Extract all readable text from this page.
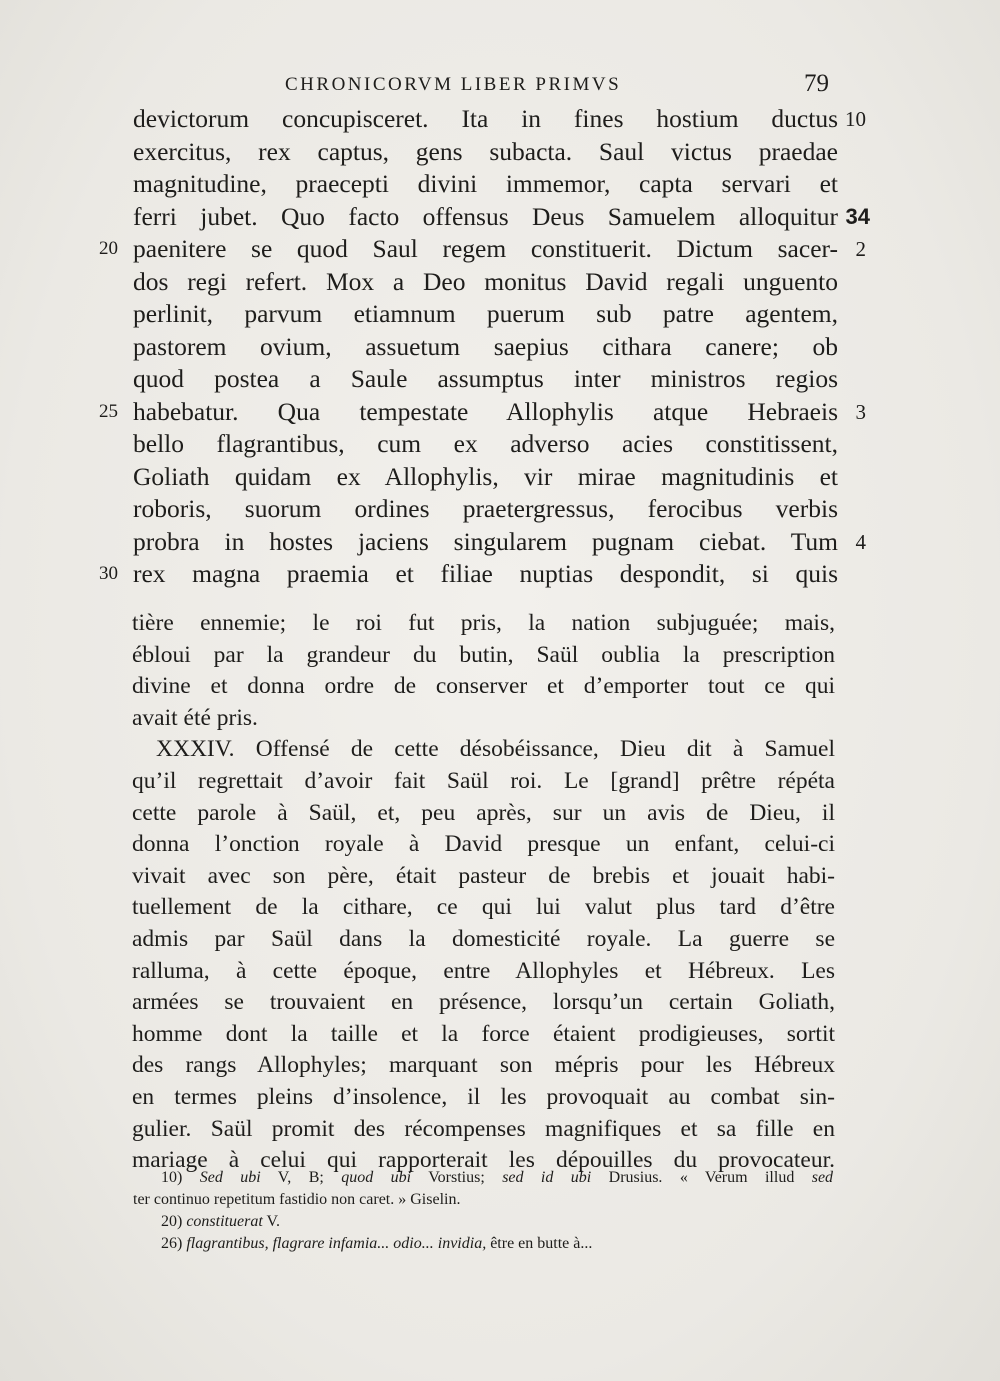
CHRONICORVM LIBER PRIMVS	79
devictorum concupisceret. Ita in fines hostium ductus 10
exercitus, rex captus, gens subacta. Saul victus praedae
magnitudine, praecepti divini immemor, capta servari et
ferri jubet. Quo facto offensus Deus Samuelem alloquitur 34
paenitere se quod Saul regem constituerit. Dictum sacer-
20	2
dos regi refert. Mox a Deo monitus David regali unguento
perlinit, parvum etiamnum puerum sub patre agentem,
pastorem ovium, assuetum saepius cithara canere; ob
quod postea a Saule assumptus inter ministros regios
habebatur. Qua tempestate Allophylis atque Hebraeis
25	3
bello flagrantibus, cum ex adverso acies constitissent,
Goliath quidam ex Allophylis, vir mirae magnitudinis et
roboris, suorum ordines praetergressus, ferocibus verbis
probra in hostes jaciens singularem pugnam ciebat. Tum 4
rex magna praemia et filiae nuptias despondit, si quis
30
tière ennemie; le roi fut pris, la nation subjuguée; mais,
ébloui par la grandeur du butin, Saül oublia la prescription
divine et donna ordre de conserver et d’emporter tout ce qui
avait été pris.
XXXIV. Offensé de cette désobéissance, Dieu dit à Samuel
qu’il regrettait d’avoir fait Saül roi. Le [grand] prêtre répéta
cette parole à Saül, et, peu après, sur un avis de Dieu, il
donna l’onction royale à David presque un enfant, celui-ci
vivait avec son père, était pasteur de brebis et jouait habi-
tuellement de la cithare, ce qui lui valut plus tard d’être
admis par Saül dans la domesticité royale. La guerre se
ralluma, à cette époque, entre Allophyles et Hébreux. Les
armées se trouvaient en présence, lorsqu’un certain Goliath,
homme dont la taille et la force étaient prodigieuses, sortit
des rangs Allophyles; marquant son mépris pour les Hébreux
en termes pleins d’insolence, il les provoquait au combat sin-
gulier. Saül promit des récompenses magnifiques et sa fille en
mariage à celui qui rapporterait les dépouilles du provocateur.
10) Sed ubi V, B; quod ubi Vorstius; sed id ubi Drusius. « Verum illud sed
ter continuo repetitum fastidio non caret. » Giselin.
20) constituerat V.
26) flagrantibus, flagrare infamia... odio... invidia, être en butte à...
